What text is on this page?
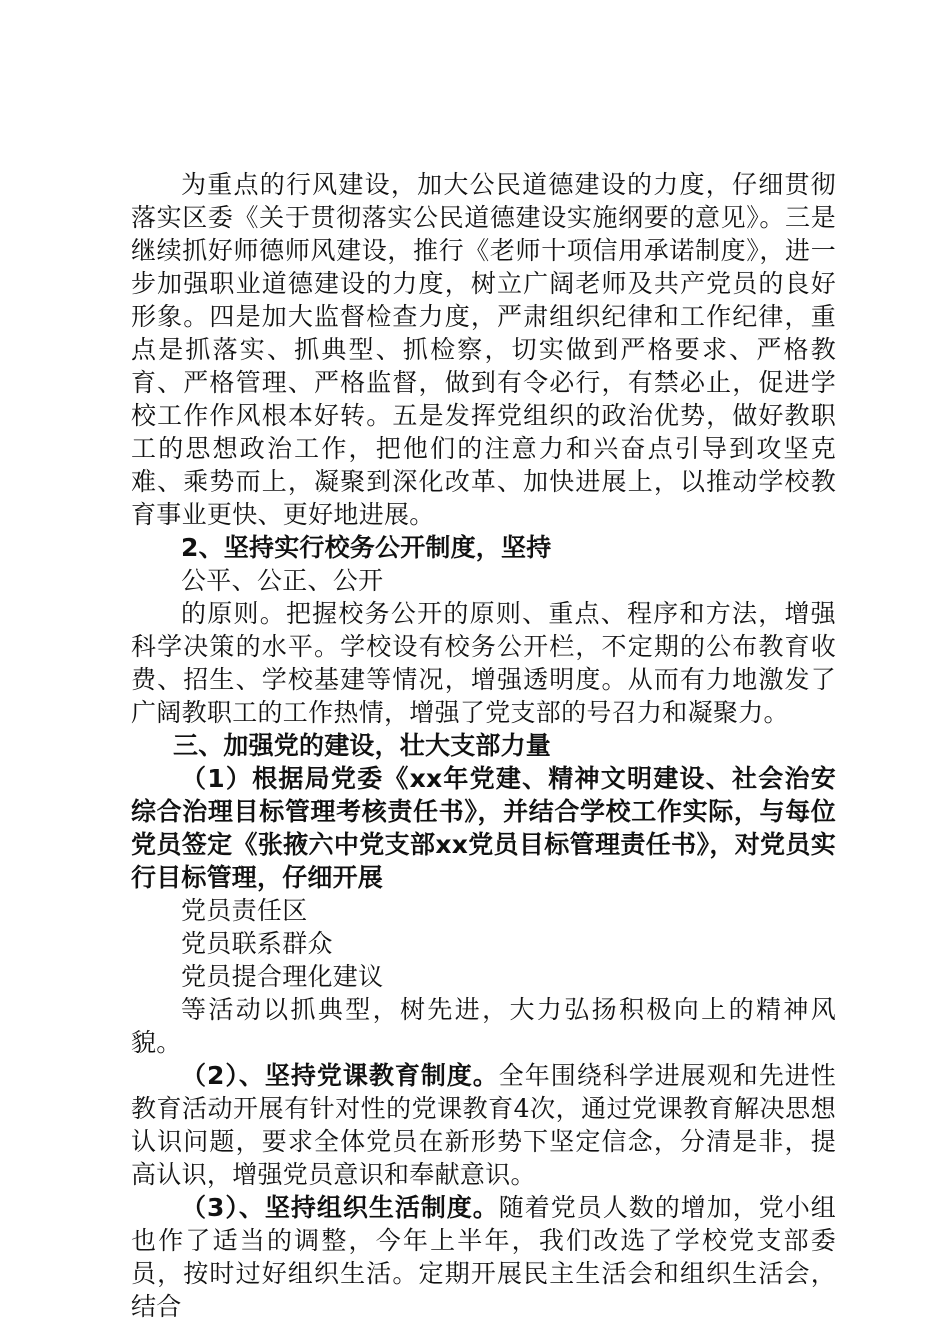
为重点的行风建设，加大公民道德建设的力度，仔细贯彻落实区委《关于贯彻落实公民道德建设实施纲要的意见》。三是继续抓好师德师风建设，推行《老师十项信用承诺制度》，进一步加强职业道德建设的力度，树立广阔老师及共产党员的良好形象。四是加大监督检查力度，严肃组织纪律和工作纪律，重点是抓落实、抓典型、抓检察，切实做到严格要求、严格教育、严格管理、严格监督，做到有令必行，有禁必止，促进学校工作作风根本好转。五是发挥党组织的政治优势，做好教职工的思想政治工作，把他们的注意力和兴奋点引导到攻坚克难、乘势而上，凝聚到深化改革、加快进展上，以推动学校教育事业更快、更好地进展。

2、坚持实行校务公开制度，坚持

公平、公正、公开

的原则。把握校务公开的原则、重点、程序和方法，增强科学决策的水平。学校设有校务公开栏，不定期的公布教育收费、招生、学校基建等情况，增强透明度。从而有力地激发了广阔教职工的工作热情，增强了党支部的号召力和凝聚力。

三、加强党的建设，壮大支部力量

（1）根据局党委《xx年党建、精神文明建设、社会治安综合治理目标管理考核责任书》，并结合学校工作实际，与每位党员签定《张掖六中党支部xx党员目标管理责任书》，对党员实行目标管理，仔细开展

党员责任区

党员联系群众

党员提合理化建议

等活动以抓典型，树先进，大力弘扬积极向上的精神风貌。

（2）、坚持党课教育制度。全年围绕科学进展观和先进性教育活动开展有针对性的党课教育4次，通过党课教育解决思想认识问题，要求全体党员在新形势下坚定信念，分清是非，提高认识，增强党员意识和奉献意识。

（3）、坚持组织生活制度。随着党员人数的增加，党小组也作了适当的调整，今年上半年，我们改选了学校党支部委员，按时过好组织生活。定期开展民主生活会和组织生活会，结合
